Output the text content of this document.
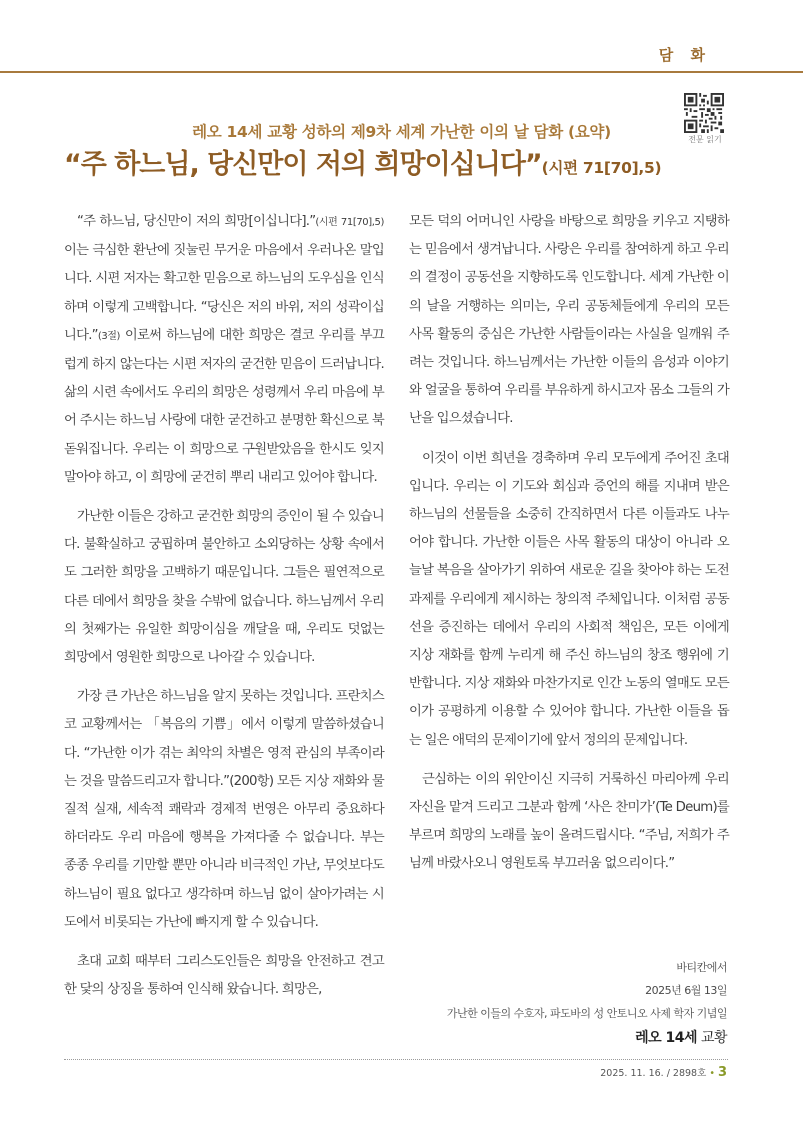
담 화
전문 읽기
레오 14세 교황 성하의 제9차 세계 가난한 이의 날 담화 (요약)
“주 하느님, 당신만이 저의 희망이십니다”(시편 71[70],5)

“주 하느님, 당신만이 저의 희망[이십니다].”(시편 71[70],5) 이는 극심한 환난에 짓눌린 무거운 마음에서 우러나온 말입니다. 시편 저자는 확고한 믿음으로 하느님의 도우심을 인식하며 이렇게 고백합니다. “당신은 저의 바위, 저의 성곽이십니다.”(3절) 이로써 하느님에 대한 희망은 결코 우리를 부끄럽게 하지 않는다는 시편 저자의 굳건한 믿음이 드러납니다. 삶의 시련 속에서도 우리의 희망은 성령께서 우리 마음에 부어 주시는 하느님 사랑에 대한 굳건하고 분명한 확신으로 북돋워집니다. 우리는 이 희망으로 구원받았음을 한시도 잊지 말아야 하고, 이 희망에 굳건히 뿌리 내리고 있어야 합니다.

가난한 이들은 강하고 굳건한 희망의 증인이 될 수 있습니다. 불확실하고 궁핍하며 불안하고 소외당하는 상황 속에서도 그러한 희망을 고백하기 때문입니다. 그들은 필연적으로 다른 데에서 희망을 찾을 수밖에 없습니다. 하느님께서 우리의 첫째가는 유일한 희망이심을 깨달을 때, 우리도 덧없는 희망에서 영원한 희망으로 나아갈 수 있습니다.

가장 큰 가난은 하느님을 알지 못하는 것입니다. 프란치스코 교황께서는 「복음의 기쁨」에서 이렇게 말씀하셨습니다. “가난한 이가 겪는 최악의 차별은 영적 관심의 부족이라는 것을 말씀드리고자 합니다.”(200항) 모든 지상 재화와 물질적 실재, 세속적 쾌락과 경제적 번영은 아무리 중요하다 하더라도 우리 마음에 행복을 가져다줄 수 없습니다. 부는 종종 우리를 기만할 뿐만 아니라 비극적인 가난, 무엇보다도 하느님이 필요 없다고 생각하며 하느님 없이 살아가려는 시도에서 비롯되는 가난에 빠지게 할 수 있습니다.

초대 교회 때부터 그리스도인들은 희망을 안전하고 견고한 닻의 상징을 통하여 인식해 왔습니다. 희망은,

모든 덕의 어머니인 사랑을 바탕으로 희망을 키우고 지탱하는 믿음에서 생겨납니다. 사랑은 우리를 참여하게 하고 우리의 결정이 공동선을 지향하도록 인도합니다. 세계 가난한 이의 날을 거행하는 의미는, 우리 공동체들에게 우리의 모든 사목 활동의 중심은 가난한 사람들이라는 사실을 일깨워 주려는 것입니다. 하느님께서는 가난한 이들의 음성과 이야기와 얼굴을 통하여 우리를 부유하게 하시고자 몸소 그들의 가난을 입으셨습니다.

이것이 이번 희년을 경축하며 우리 모두에게 주어진 초대입니다. 우리는 이 기도와 회심과 증언의 해를 지내며 받은 하느님의 선물들을 소중히 간직하면서 다른 이들과도 나누어야 합니다. 가난한 이들은 사목 활동의 대상이 아니라 오늘날 복음을 살아가기 위하여 새로운 길을 찾아야 하는 도전 과제를 우리에게 제시하는 창의적 주체입니다. 이처럼 공동선을 증진하는 데에서 우리의 사회적 책임은, 모든 이에게 지상 재화를 함께 누리게 해 주신 하느님의 창조 행위에 기반합니다. 지상 재화와 마찬가지로 인간 노동의 열매도 모든 이가 공평하게 이용할 수 있어야 합니다. 가난한 이들을 돕는 일은 애덕의 문제이기에 앞서 정의의 문제입니다.

근심하는 이의 위안이신 지극히 거룩하신 마리아께 우리 자신을 맡겨 드리고 그분과 함께 ‘사은 찬미가’(Te Deum)를 부르며 희망의 노래를 높이 올려드립시다. “주님, 저희가 주님께 바랐사오니 영원토록 부끄러움 없으리이다.”

바티칸에서
2025년 6월 13일
가난한 이들의 수호자, 파도바의 성 안토니오 사제 학자 기념일
레오 14세 교황
2025. 11. 16. / 2898호 • 3
